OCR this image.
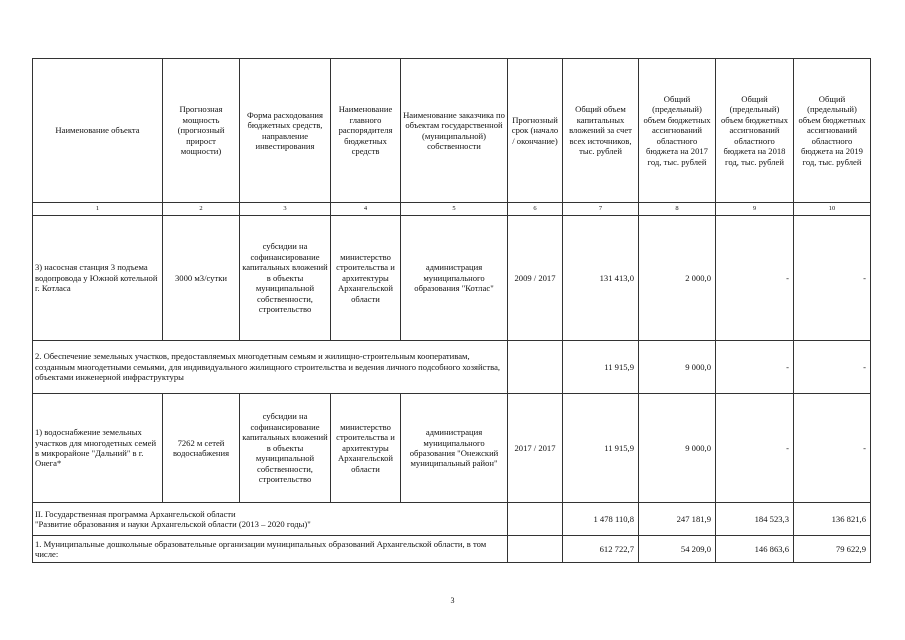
Наименование объекта	Прогнозная мощность (прогнозный прирост мощности)	Форма расходования бюджетных средств, направление инвестирования	Наименование главного распорядителя бюджетных средств	Наименование заказчика по объектам государственной (муниципальной) собственности	Прогнозный срок (начало / окончание)	Общий объем капитальных вложений за счет всех источников, тыс. рублей	Общий (предельный) объем бюджетных ассигнований областного бюджета на 2017 год, тыс. рублей	Общий (предельный) объем бюджетных ассигнований областного бюджета на 2018 год, тыс. рублей	Общий (предельный) объем бюджетных ассигнований областного бюджета на 2019 год, тыс. рублей
1	2	3	4	5	6	7	8	9	10
3) насосная станция 3 подъема водопровода у Южной котельной г. Котласа	3000 м3/сутки	субсидии на софинансирование капитальных вложений в объекты муниципальной собственности, строительство	министерство строительства и архитектуры Архангельской области	администрация муниципального образования "Котлас"	2009 / 2017	131 413,0	2 000,0	-	-
2. Обеспечение земельных участков, предоставляемых многодетным семьям и жилищно-строительным кооперативам, созданным многодетными семьями, для индивидуального жилищного строительства и ведения личного подсобного хозяйства, объектами инженерной инфраструктуры						11 915,9	9 000,0	-	-
1) водоснабжение земельных участков для многодетных семей в микрорайоне "Дальний" в г. Онега*	7262 м сетей водоснабжения	субсидии на софинансирование капитальных вложений в объекты муниципальной собственности, строительство	министерство строительства и архитектуры Архангельской области	администрация муниципального образования "Онежский муниципальный район"	2017 / 2017	11 915,9	9 000,0	-	-

II. Государственная программа Архангельской области
"Развитие образования и науки Архангельской области (2013 – 2020 годы)"						1 478 110,8	247 181,9	184 523,3	136 821,6
1. Муниципальные дошкольные образовательные организации муниципальных образований Архангельской области, в том числе:						612 722,7	54 209,0	146 863,6	79 622,9
3
